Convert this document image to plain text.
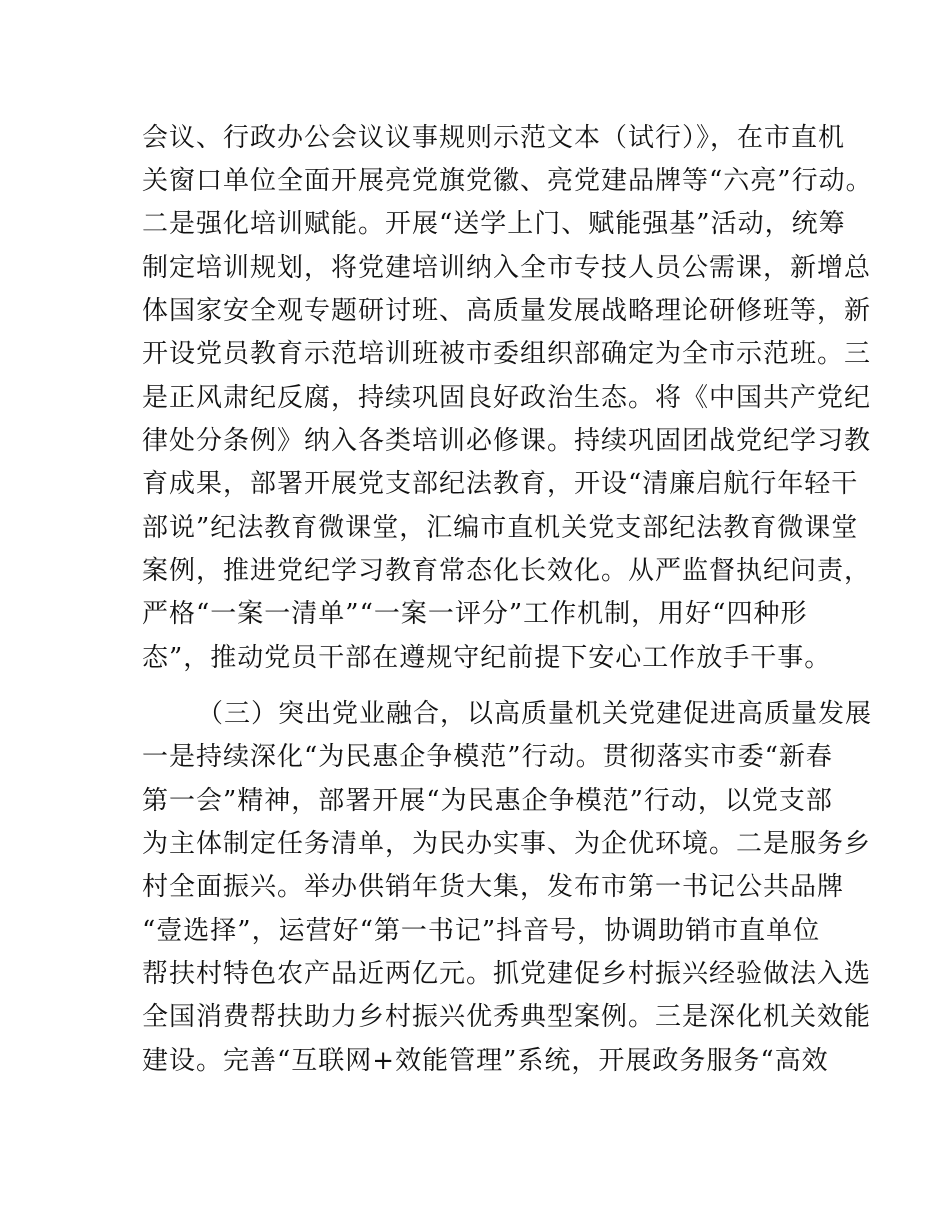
会议、行政办公会议议事规则示范文本（试行）》，在市直机
关窗口单位全面开展亮党旗党徽、亮党建品牌等“六亮”行动。
二是强化培训赋能。开展“送学上门、赋能强基”活动，统筹
制定培训规划，将党建培训纳入全市专技人员公需课，新增总
体国家安全观专题研讨班、高质量发展战略理论研修班等，新
开设党员教育示范培训班被市委组织部确定为全市示范班。三
是正风肃纪反腐，持续巩固良好政治生态。将《中国共产党纪
律处分条例》纳入各类培训必修课。持续巩固团战党纪学习教
育成果，部署开展党支部纪法教育，开设“清廉启航行年轻干
部说”纪法教育微课堂，汇编市直机关党支部纪法教育微课堂
案例，推进党纪学习教育常态化长效化。从严监督执纪问责，
严格“一案一清单”“一案一评分”工作机制，用好“四种形
态”，推动党员干部在遵规守纪前提下安心工作放手干事。
（三）突出党业融合，以高质量机关党建促进高质量发展
一是持续深化“为民惠企争模范”行动。贯彻落实市委“新春
第一会”精神，部署开展“为民惠企争模范”行动，以党支部
为主体制定任务清单，为民办实事、为企优环境。二是服务乡
村全面振兴。举办供销年货大集，发布市第一书记公共品牌
“壹选择”，运营好“第一书记”抖音号，协调助销市直单位
帮扶村特色农产品近两亿元。抓党建促乡村振兴经验做法入选
全国消费帮扶助力乡村振兴优秀典型案例。三是深化机关效能
建设。完善“互联网+效能管理”系统，开展政务服务“高效
